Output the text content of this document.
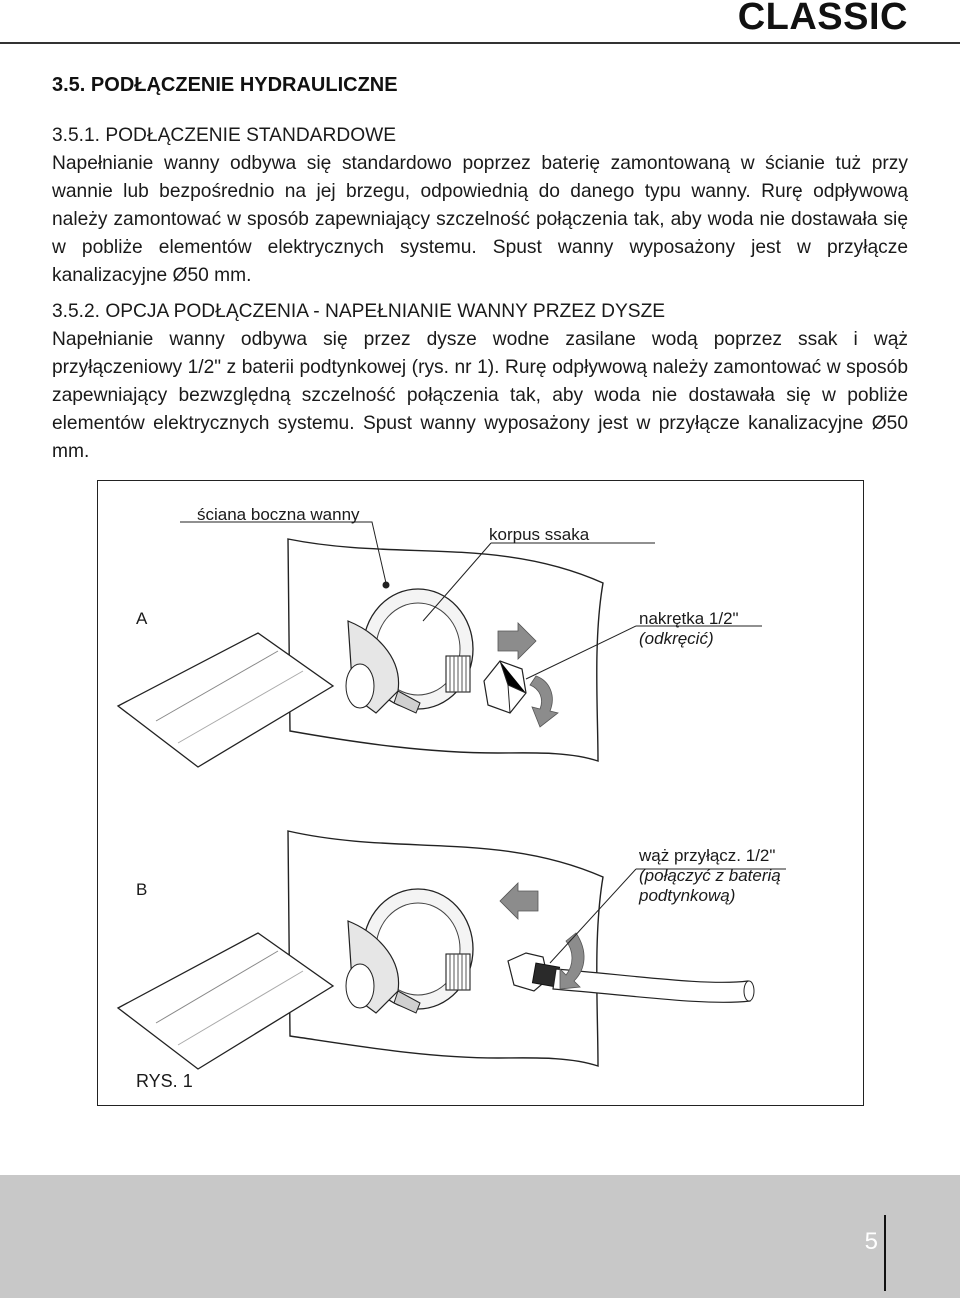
CLASSIC
3.5. PODŁĄCZENIE HYDRAULICZNE
3.5.1. PODŁĄCZENIE STANDARDOWE

Napełnianie wanny odbywa się standardowo poprzez baterię zamontowaną w ścianie tuż przy wannie lub bezpośrednio na jej brzegu, odpowiednią do danego typu wanny. Rurę odpływową należy zamontować w sposób zapewniający szczelność połączenia tak, aby woda nie dostawała się w pobliże elementów elektrycznych systemu. Spust wanny wyposażony jest w przyłącze kanalizacyjne Ø50 mm.

3.5.2. OPCJA PODŁĄCZENIA - NAPEŁNIANIE WANNY PRZEZ DYSZE

Napełnianie wanny odbywa się przez dysze wodne zasilane wodą poprzez ssak i wąż przyłączeniowy 1/2" z baterii podtynkowej (rys. nr 1). Rurę odpływową należy zamontować w sposób zapewniający bezwzględną szczelność połączenia tak, aby woda nie dostawała się w pobliże elementów elektrycznych systemu. Spust wanny wyposażony jest w przyłącze kanalizacyjne Ø50 mm.

ściana boczna wanny
korpus ssaka
A	nakrętka 1/2"
(odkręcić)
B
wąż przyłącz. 1/2"
(połączyć z baterią
podtynkową)
RYS. 1
5
